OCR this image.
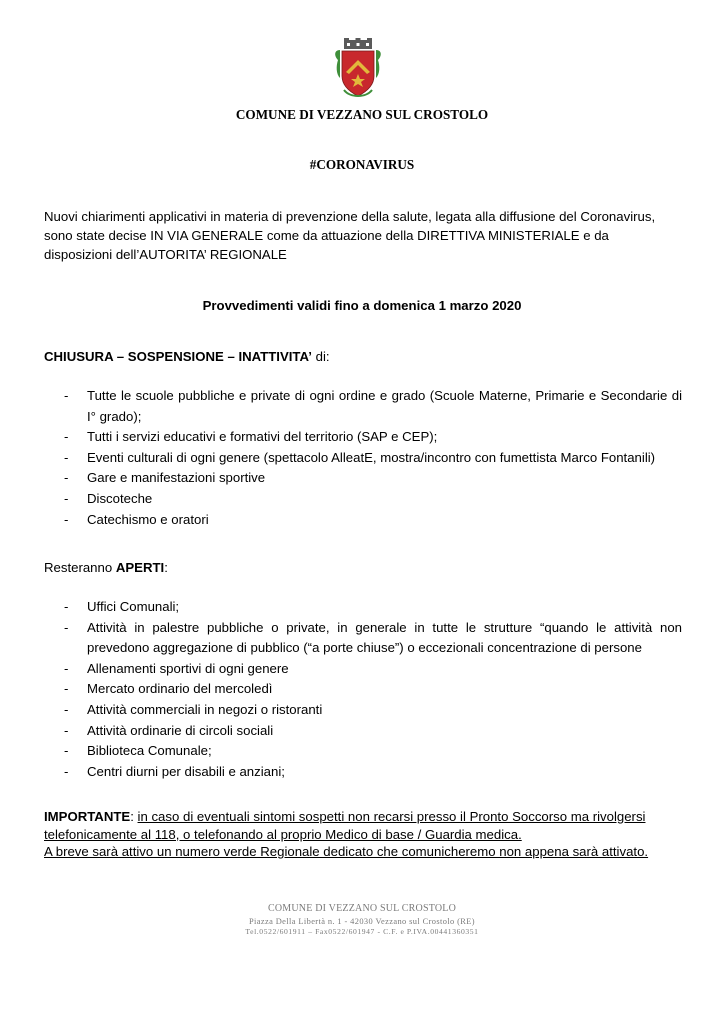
COMUNE DI VEZZANO SUL CROSTOLO
#CORONAVIRUS

Nuovi chiarimenti applicativi in materia di prevenzione della salute, legata alla diffusione del Coronavirus,

sono state decise IN VIA GENERALE come da attuazione della DIRETTIVA MINISTERIALE e da

disposizioni dell’AUTORITA’ REGIONALE

Provvedimenti validi fino a domenica 1 marzo 2020
CHIUSURA – SOSPENSIONE – INATTIVITA’ di:
- Tutte le scuole pubbliche e private di ogni ordine e grado (Scuole Materne, Primarie e Secondarie di I° grado);
- Tutti i servizi educativi e formativi del territorio (SAP e CEP);
- Eventi culturali di ogni genere (spettacolo AlleatE, mostra/incontro con fumettista Marco Fontanili)
- Gare e manifestazioni sportive
- Discoteche
- Catechismo e oratori
Resteranno APERTI:
- Uffici Comunali;
- Attività in palestre pubbliche o private, in generale in tutte le strutture “quando le attività non prevedono aggregazione di pubblico (“a porte chiuse”) o eccezionali concentrazione di persone
- Allenamenti sportivi di ogni genere
- Mercato ordinario del mercoledì
- Attività commerciali in negozi o ristoranti
- Attività ordinarie di circoli sociali
- Biblioteca Comunale;
- Centri diurni per disabili e anziani;
IMPORTANTE: in caso di eventuali sintomi sospetti non recarsi presso il Pronto Soccorso ma rivolgersi telefonicamente al 118, o telefonando al proprio Medico di base / Guardia medica.
A breve sarà attivo un numero verde Regionale dedicato che comunicheremo non appena sarà attivato.
COMUNE DI VEZZANO SUL CROSTOLO
Piazza Della Libertà n. 1 - 42030 Vezzano sul Crostolo (RE)
Tel.0522/601911 – Fax0522/601947 - C.F. e P.IVA.00441360351
